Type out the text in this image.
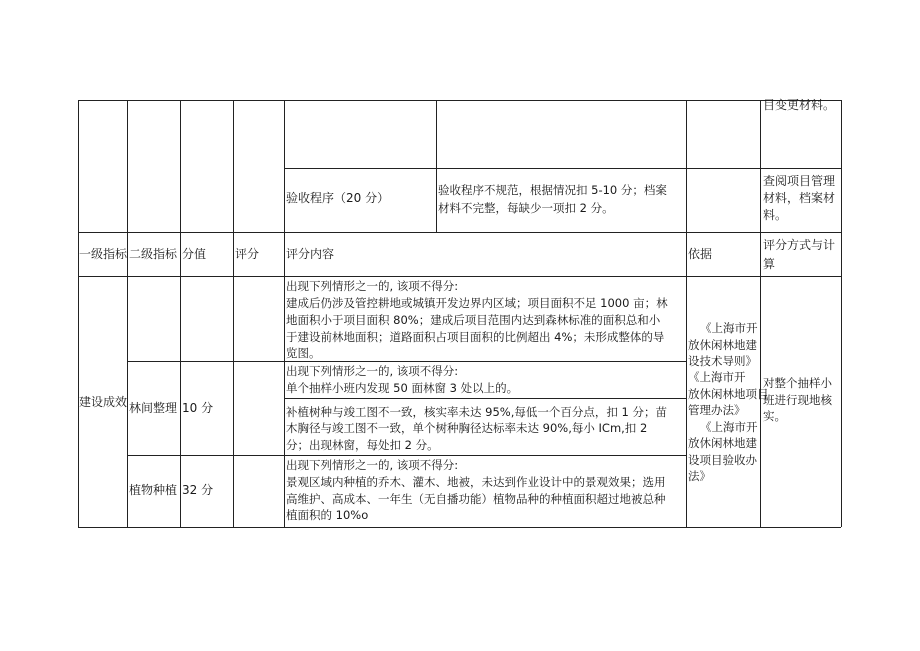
目变更材料。
验收程序（20 分）
验收程序不规范，根据情况扣 5-10 分；档案
材料不完整，每缺少一项扣 2 分。
查阅项目管理
材料，档案材
料。
一级指标 二级指标 分值 评分 评分内容	依据
评分方式与计
算
建设成效
出现下列情形之一的, 该项不得分:
建成后仍涉及管控耕地或城镇开发边界内区域；项目面积不足 1000 亩；林
地面积小于项目面积 80%；建成后项目范围内达到森林标准的面积总和小
于建设前林地面积；道路面积占项目面积的比例超出 4%；未形成整体的导
览图。
林间整理 10 分
出现下列情形之一的, 该项不得分:
单个抽样小班内发现 50 面林窗 3 处以上的。
补植树种与竣工图不一致，核实率未达 95%,每低一个百分点，扣 1 分；苗
木胸径与竣工图不一致，单个树种胸径达标率未达 90%,每小 ICm,扣 2
分；出现林窗，每处扣 2 分。
植物种植 32 分
出现下列情形之一的, 该项不得分:
景观区域内种植的乔木、灌木、地被，未达到作业设计中的景观效果；选用
高维护、高成本、一年生（无自播功能）植物品种的种植面积超过地被总种
植面积的 10%o
《上海市开
放休闲林地建
设技术导则》
《上海市开
放休闲林地项目
管理办法》
《上海市开
放休闲林地建
设项目验收办
法》
对整个抽样小
班进行现地核
实。
